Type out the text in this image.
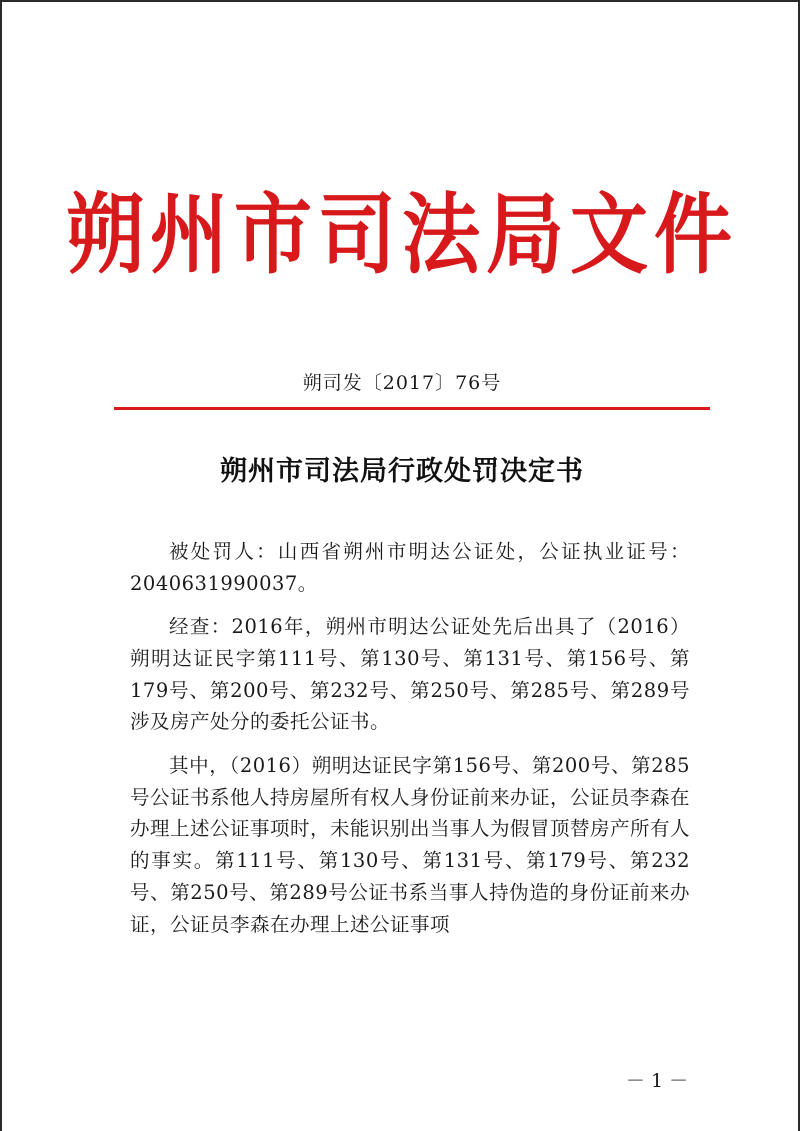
朔州市司法局文件
朔司发〔2017〕76号
朔州市司法局行政处罚决定书

被处罚人：山西省朔州市明达公证处，公证执业证号：2040631990037。

经查：2016年，朔州市明达公证处先后出具了（2016）朔明达证民字第111号、第130号、第131号、第156号、第179号、第200号、第232号、第250号、第285号、第289号涉及房产处分的委托公证书。

其中，（2016）朔明达证民字第156号、第200号、第285号公证书系他人持房屋所有权人身份证前来办证，公证员李森在办理上述公证事项时，未能识别出当事人为假冒顶替房产所有人的事实。第111号、第130号、第131号、第179号、第232号、第250号、第289号公证书系当事人持伪造的身份证前来办证，公证员李森在办理上述公证事项

－ 1 －
